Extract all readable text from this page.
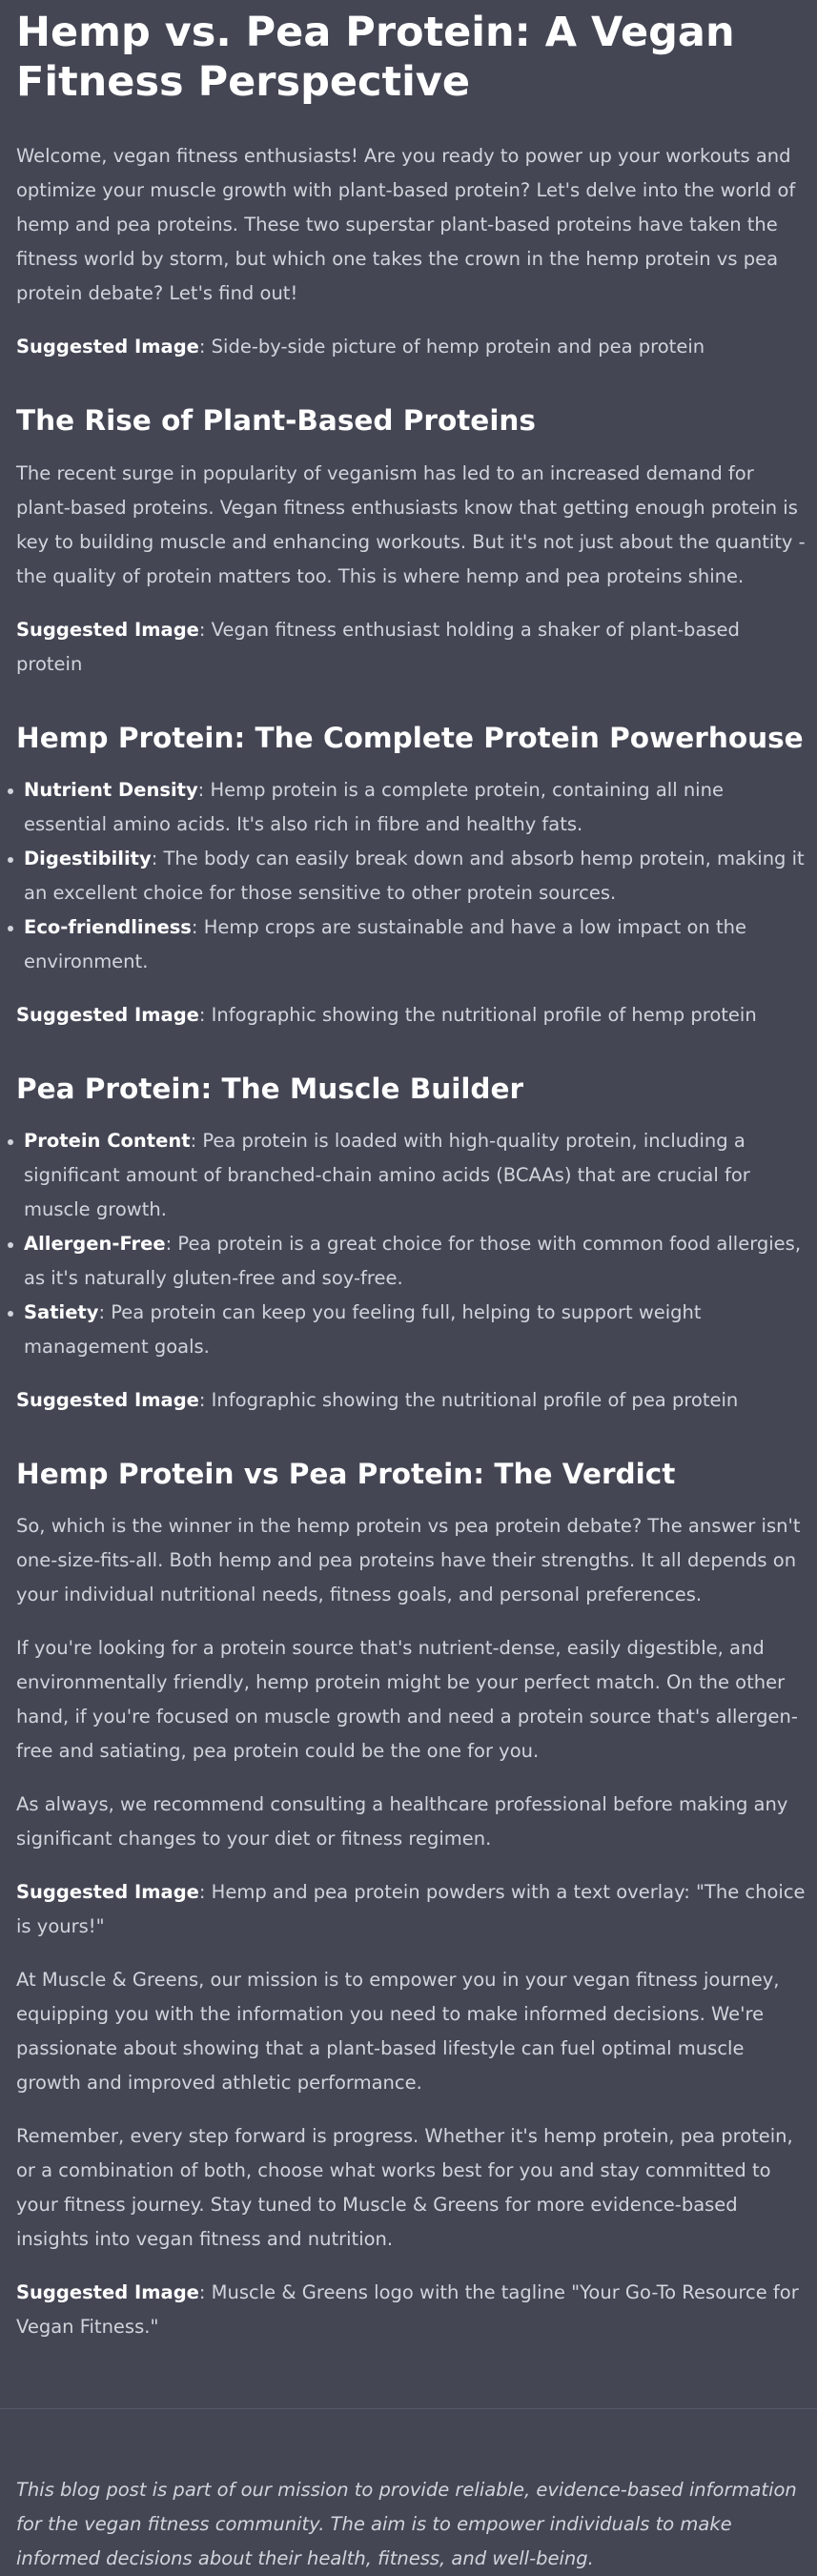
Hemp vs. Pea Protein: A Vegan Fitness Perspective

Welcome, vegan fitness enthusiasts! Are you ready to power up your workouts and optimize your muscle growth with plant-based protein? Let's delve into the world of hemp and pea proteins. These two superstar plant-based proteins have taken the fitness world by storm, but which one takes the crown in the hemp protein vs pea protein debate? Let's find out!

Suggested Image: Side-by-side picture of hemp protein and pea protein

The Rise of Plant-Based Proteins

The recent surge in popularity of veganism has led to an increased demand for plant-based proteins. Vegan fitness enthusiasts know that getting enough protein is key to building muscle and enhancing workouts. But it's not just about the quantity - the quality of protein matters too. This is where hemp and pea proteins shine.

Suggested Image: Vegan fitness enthusiast holding a shaker of plant-based protein

Hemp Protein: The Complete Protein Powerhouse
Nutrient Density: Hemp protein is a complete protein, containing all nine essential amino acids. It's also rich in fibre and healthy fats.
Digestibility: The body can easily break down and absorb hemp protein, making it an excellent choice for those sensitive to other protein sources.
Eco-friendliness: Hemp crops are sustainable and have a low impact on the environment.

Suggested Image: Infographic showing the nutritional profile of hemp protein

Pea Protein: The Muscle Builder
Protein Content: Pea protein is loaded with high-quality protein, including a significant amount of branched-chain amino acids (BCAAs) that are crucial for muscle growth.
Allergen-Free: Pea protein is a great choice for those with common food allergies, as it's naturally gluten-free and soy-free.
Satiety: Pea protein can keep you feeling full, helping to support weight management goals.

Suggested Image: Infographic showing the nutritional profile of pea protein

Hemp Protein vs Pea Protein: The Verdict

So, which is the winner in the hemp protein vs pea protein debate? The answer isn't one-size-fits-all. Both hemp and pea proteins have their strengths. It all depends on your individual nutritional needs, fitness goals, and personal preferences.

If you're looking for a protein source that's nutrient-dense, easily digestible, and environmentally friendly, hemp protein might be your perfect match. On the other hand, if you're focused on muscle growth and need a protein source that's allergen-free and satiating, pea protein could be the one for you.

As always, we recommend consulting a healthcare professional before making any significant changes to your diet or fitness regimen.

Suggested Image: Hemp and pea protein powders with a text overlay: "The choice is yours!"

At Muscle & Greens, our mission is to empower you in your vegan fitness journey, equipping you with the information you need to make informed decisions. We're passionate about showing that a plant-based lifestyle can fuel optimal muscle growth and improved athletic performance.

Remember, every step forward is progress. Whether it's hemp protein, pea protein, or a combination of both, choose what works best for you and stay committed to your fitness journey. Stay tuned to Muscle & Greens for more evidence-based insights into vegan fitness and nutrition.

Suggested Image: Muscle & Greens logo with the tagline "Your Go-To Resource for Vegan Fitness."

This blog post is part of our mission to provide reliable, evidence-based information for the vegan fitness community. The aim is to empower individuals to make informed decisions about their health, fitness, and well-being.
